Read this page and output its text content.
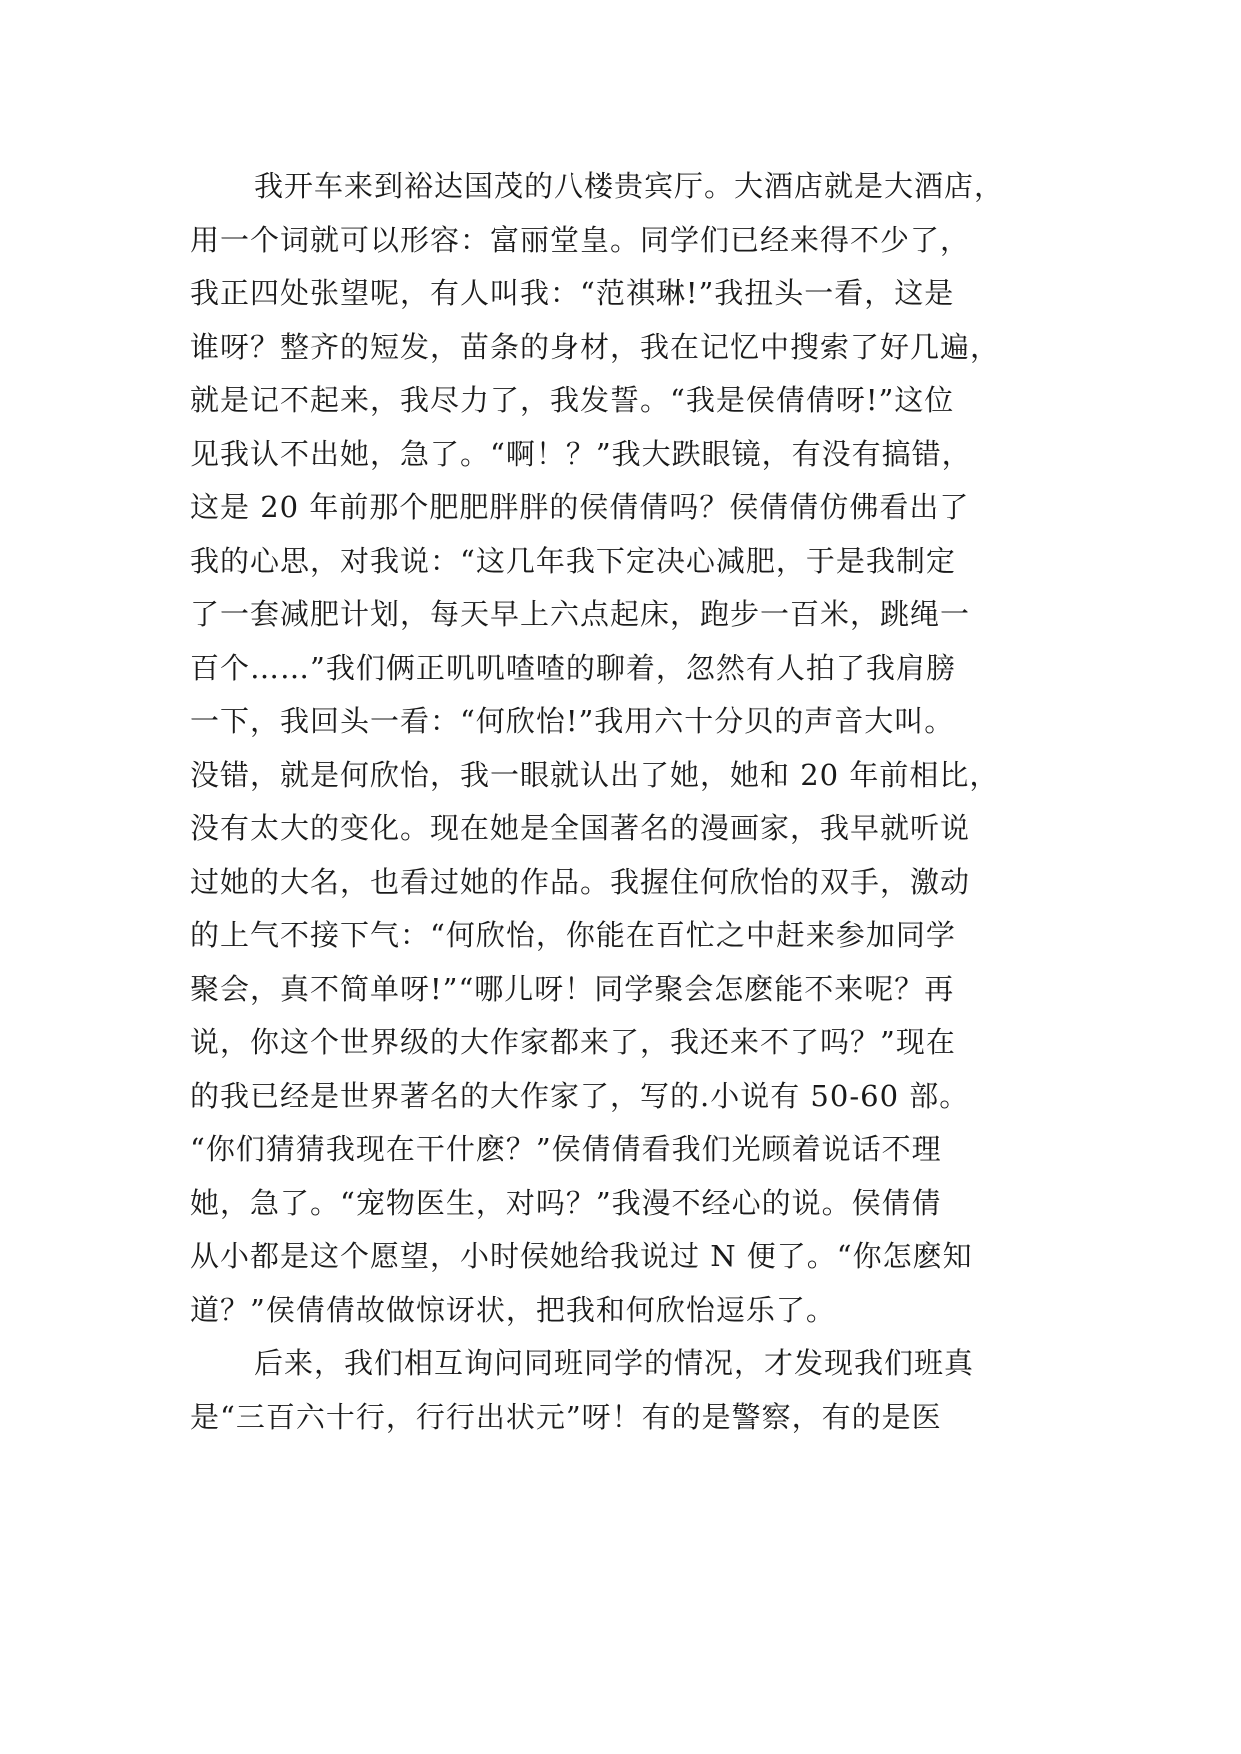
我开车来到裕达国茂的八楼贵宾厅。大酒店就是大酒店，
用一个词就可以形容：富丽堂皇。同学们已经来得不少了，
我正四处张望呢，有人叫我：“范祺琳!”我扭头一看，这是
谁呀？整齐的短发，苗条的身材，我在记忆中搜索了好几遍，
就是记不起来，我尽力了，我发誓。“我是侯倩倩呀!”这位
见我认不出她，急了。“啊！？”我大跌眼镜，有没有搞错，
这是 20 年前那个肥肥胖胖的侯倩倩吗？侯倩倩仿佛看出了
我的心思，对我说：“这几年我下定决心减肥，于是我制定
了一套减肥计划，每天早上六点起床，跑步一百米，跳绳一
百个……”我们俩正叽叽喳喳的聊着，忽然有人拍了我肩膀
一下，我回头一看：“何欣怡!”我用六十分贝的声音大叫。
没错，就是何欣怡，我一眼就认出了她，她和 20 年前相比，
没有太大的变化。现在她是全国著名的漫画家，我早就听说
过她的大名，也看过她的作品。我握住何欣怡的双手，激动
的上气不接下气：“何欣怡，你能在百忙之中赶来参加同学
聚会，真不简单呀!”“哪儿呀！同学聚会怎麽能不来呢？再
说，你这个世界级的大作家都来了，我还来不了吗？”现在
的我已经是世界著名的大作家了，写的.小说有 50-60 部。
“你们猜猜我现在干什麽？”侯倩倩看我们光顾着说话不理
她，急了。“宠物医生，对吗？”我漫不经心的说。侯倩倩
从小都是这个愿望，小时侯她给我说过 N 便了。“你怎麽知
道？”侯倩倩故做惊讶状，把我和何欣怡逗乐了。
后来，我们相互询问同班同学的情况，才发现我们班真
是“三百六十行，行行出状元”呀！有的是警察，有的是医
